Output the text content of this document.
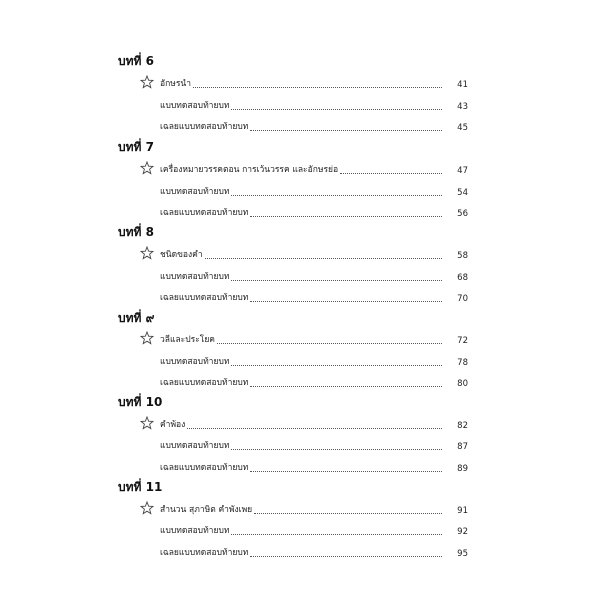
บทที่ 6
อักษรนำ	41
แบบทดสอบท้ายบท	43
เฉลยแบบทดสอบท้ายบท	45
บทที่ 7
เครื่องหมายวรรคตอน การเว้นวรรค และอักษรย่อ	47
แบบทดสอบท้ายบท	54
เฉลยแบบทดสอบท้ายบท	56
บทที่ 8
ชนิดของคำ	58
แบบทดสอบท้ายบท	68
เฉลยแบบทดสอบท้ายบท	70
บทที่ ๙
วลีและประโยค	72
แบบทดสอบท้ายบท	78
เฉลยแบบทดสอบท้ายบท	80
บทที่ 10
คำพ้อง	82
แบบทดสอบท้ายบท	87
เฉลยแบบทดสอบท้ายบท	89
บทที่ 11
สำนวน สุภาษิต คำพังเพย	91
แบบทดสอบท้ายบท	92
เฉลยแบบทดสอบท้ายบท	95
